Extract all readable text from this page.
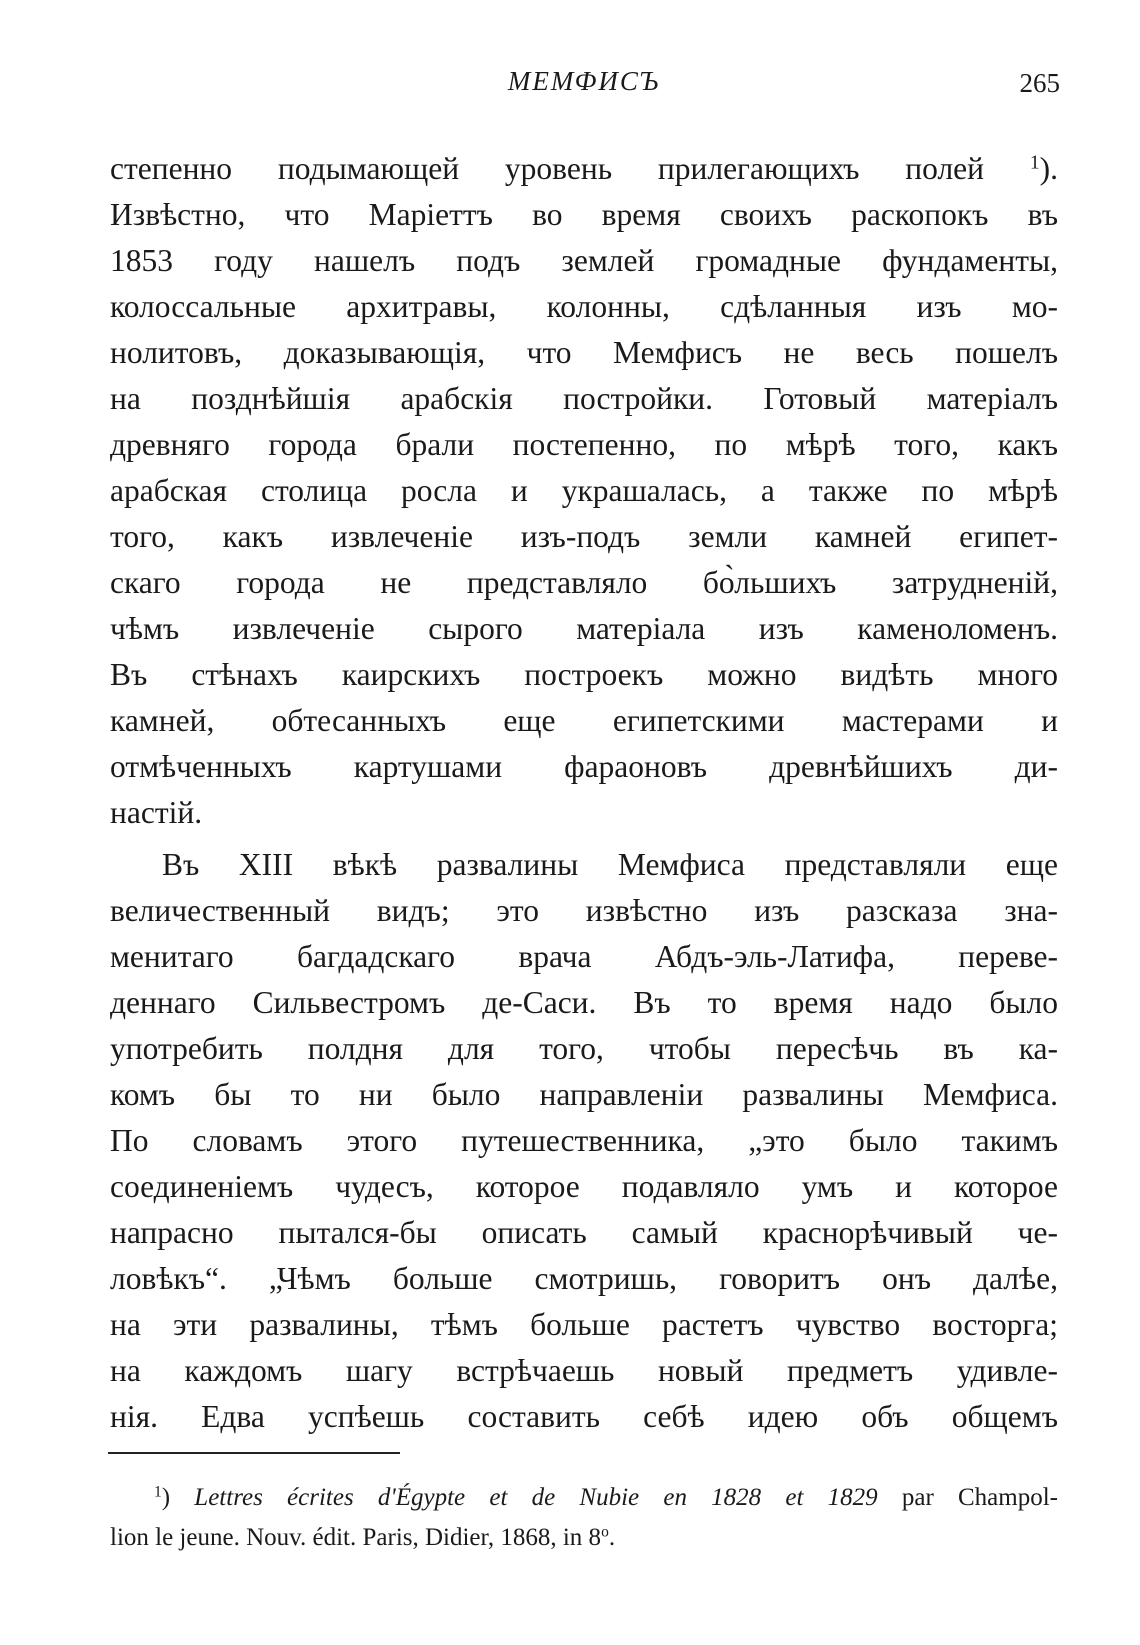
МЕМФИСЪ	265
степенно подымающей уровень прилегающихъ полей $^1$).
Извѣстно, что Маріеттъ во время своихъ раскопокъ въ
1853 году нашелъ подъ землей громадные фундаменты,
колоссальные архитравы, колонны, сдѣланныя изъ мо-
нолитовъ, доказывающія, что Мемфисъ не весь пошелъ
на позднѣйшія арабскія постройки. Готовый матеріалъ
древняго города брали постепенно, по мѣрѣ того, какъ
арабская столица росла и украшалась, а также по мѣрѣ
того, какъ извлеченіе изъ-подъ земли камней египет-
скаго города не представляло бо̀льшихъ затрудненій,
чѣмъ извлеченіе сырого матеріала изъ каменоломенъ.
Въ стѣнахъ каирскихъ построекъ можно видѣть много
камней, обтесанныхъ еще египетскими мастерами и
отмѣченныхъ картушами фараоновъ древнѣйшихъ ди-
настій.
Въ XIII вѣкѣ развалины Мемфиса представляли еще
величественный видъ; это извѣстно изъ разсказа зна-
менитаго багдадскаго врача Абдъ-эль-Латифа, переве-
деннаго Сильвестромъ де-Саси. Въ то время надо было
употребить полдня для того, чтобы пересѣчь въ ка-
комъ бы то ни было направленіи развалины Мемфиса.
По словамъ этого путешественника, „это было такимъ
соединеніемъ чудесъ, которое подавляло умъ и которое
напрасно пытался-бы описать самый краснорѣчивый че-
ловѣкъ“. „Чѣмъ больше смотришь, говоритъ онъ далѣе,
на эти развалины, тѣмъ больше растетъ чувство восторга;
на каждомъ шагу встрѣчаешь новый предметъ удивле-
нія. Едва успѣешь составить себѣ идею объ общемъ
$^1$) Lettres écrites d'Égypte et de Nubie en 1828 et 1829 par Champol-
lion le jeune. Nouv. édit. Paris, Didier, 1868, in 8$^o$.
